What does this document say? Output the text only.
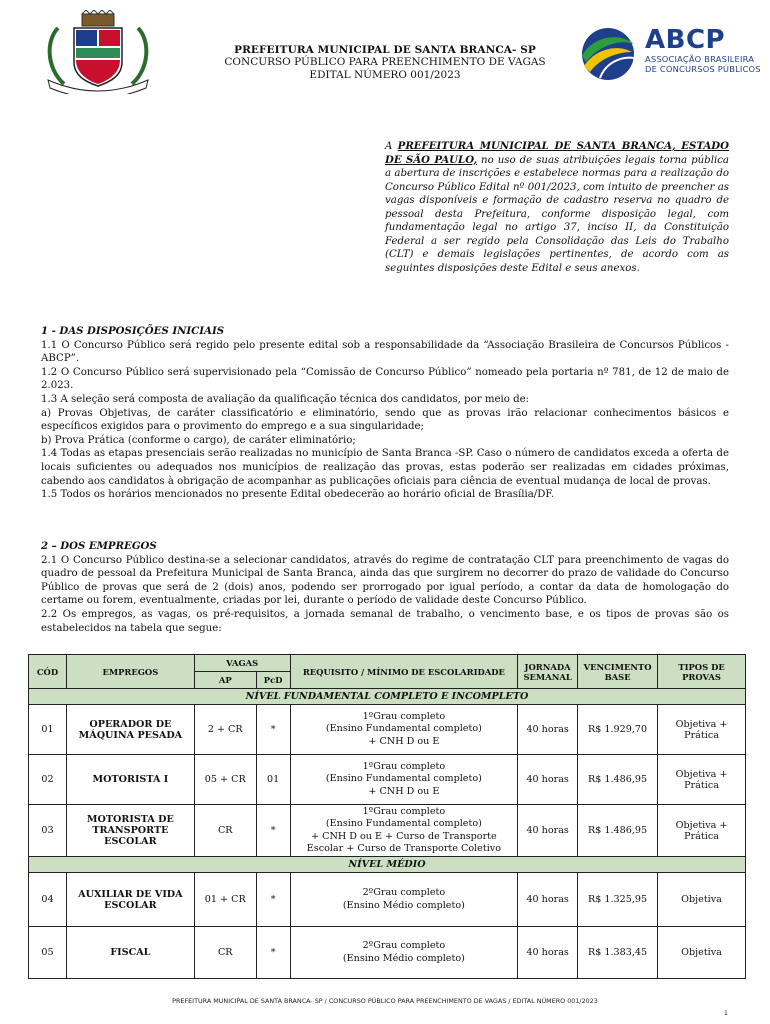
PREFEITURA MUNICIPAL DE SANTA BRANCA- SP
CONCURSO PÚBLICO PARA PREENCHIMENTO DE VAGAS
EDITAL NÚMERO 001/2023
ABCP
ASSOCIAÇÃO BRASILEIRA
DE CONCURSOS PÚBLICOS
A PREFEITURA MUNICIPAL DE SANTA BRANCA, ESTADO DE SÃO PAULO, no uso de suas atribuições legais torna pública a abertura de inscrições e estabelece normas para a realização do Concurso Público Edital nº 001/2023, com intuito de preencher as vagas disponíveis e formação de cadastro reserva no quadro de pessoal desta Prefeitura, conforme disposição legal, com fundamentação legal no artigo 37, inciso II, da Constituição Federal a ser regido pela Consolidação das Leis do Trabalho (CLT) e demais legislações pertinentes, de acordo com as seguintes disposições deste Edital e seus anexos.
1 - DAS DISPOSIÇÕES INICIAIS
1.1 O Concurso Público será regido pelo presente edital sob a responsabilidade da “Associação Brasileira de Concursos Públicos - ABCP”.
1.2 O Concurso Público será supervisionado pela “Comissão de Concurso Público” nomeado pela portaria nº 781, de 12 de maio de 2.023.
1.3 A seleção será composta de avaliação da qualificação técnica dos candidatos, por meio de:
a) Provas Objetivas, de caráter classificatório e eliminatório, sendo que as provas irão relacionar conhecimentos básicos e específicos exigidos para o provimento do emprego e a sua singularidade;
b) Prova Prática (conforme o cargo), de caráter eliminatório;
1.4 Todas as etapas presenciais serão realizadas no município de Santa Branca -SP. Caso o número de candidatos exceda a oferta de locais suficientes ou adequados nos municípios de realização das provas, estas poderão ser realizadas em cidades próximas, cabendo aos candidatos à obrigação de acompanhar as publicações oficiais para ciência de eventual mudança de local de provas.
1.5 Todos os horários mencionados no presente Edital obedecerão ao horário oficial de Brasília/DF.
2 – DOS EMPREGOS
2.1 O Concurso Público destina-se a selecionar candidatos, através do regime de contratação CLT para preenchimento de vagas do quadro de pessoal da Prefeitura Municipal de Santa Branca, ainda das que surgirem no decorrer do prazo de validade do Concurso Público de provas que será de 2 (dois) anos, podendo ser prorrogado por igual período, a contar da data de homologação do certame ou forem, eventualmente, criadas por lei, durante o período de validade deste Concurso Público.
2.2 Os empregos, as vagas, os pré-requisitos, a jornada semanal de trabalho, o vencimento base, e os tipos de provas são os estabelecidos na tabela que segue:
CÓD	EMPREGOS	VAGAS		REQUISITO / MÍNIMO DE ESCOLARIDADE	JORNADA SEMANAL	VENCIMENTO BASE	TIPOS DE PROVAS
		AP	PcD				
NÍVEL FUNDAMENTAL COMPLETO E INCOMPLETO							
01	OPERADOR DE MÁQUINA PESADA	2 + CR	*	1ºGrau completo
(Ensino Fundamental completo)
+ CNH D ou E	40 horas	R$ 1.929,70	Objetiva + Prática
02	MOTORISTA I	05 + CR	01	1ºGrau completo
(Ensino Fundamental completo)
+ CNH D ou E	40 horas	R$ 1.486,95	Objetiva + Prática
03	MOTORISTA DE TRANSPORTE ESCOLAR	CR	*	1ºGrau completo
(Ensino Fundamental completo)
+ CNH D ou E + Curso de Transporte
Escolar + Curso de Transporte Coletivo	40 horas	R$ 1.486,95	Objetiva + Prática
NÍVEL MÉDIO							
04	AUXILIAR DE VIDA ESCOLAR	01 + CR	*	2ºGrau completo
(Ensino Médio completo)	40 horas	R$ 1.325,95	Objetiva
05	FISCAL	CR	*	2ºGrau completo
(Ensino Médio completo)	40 horas	R$ 1.383,45	Objetiva
PREFEITURA MUNICIPAL DE SANTA BRANCA- SP / CONCURSO PÚBLICO PARA PREENCHIMENTO DE VAGAS / EDITAL NÚMERO 001/2023
1
